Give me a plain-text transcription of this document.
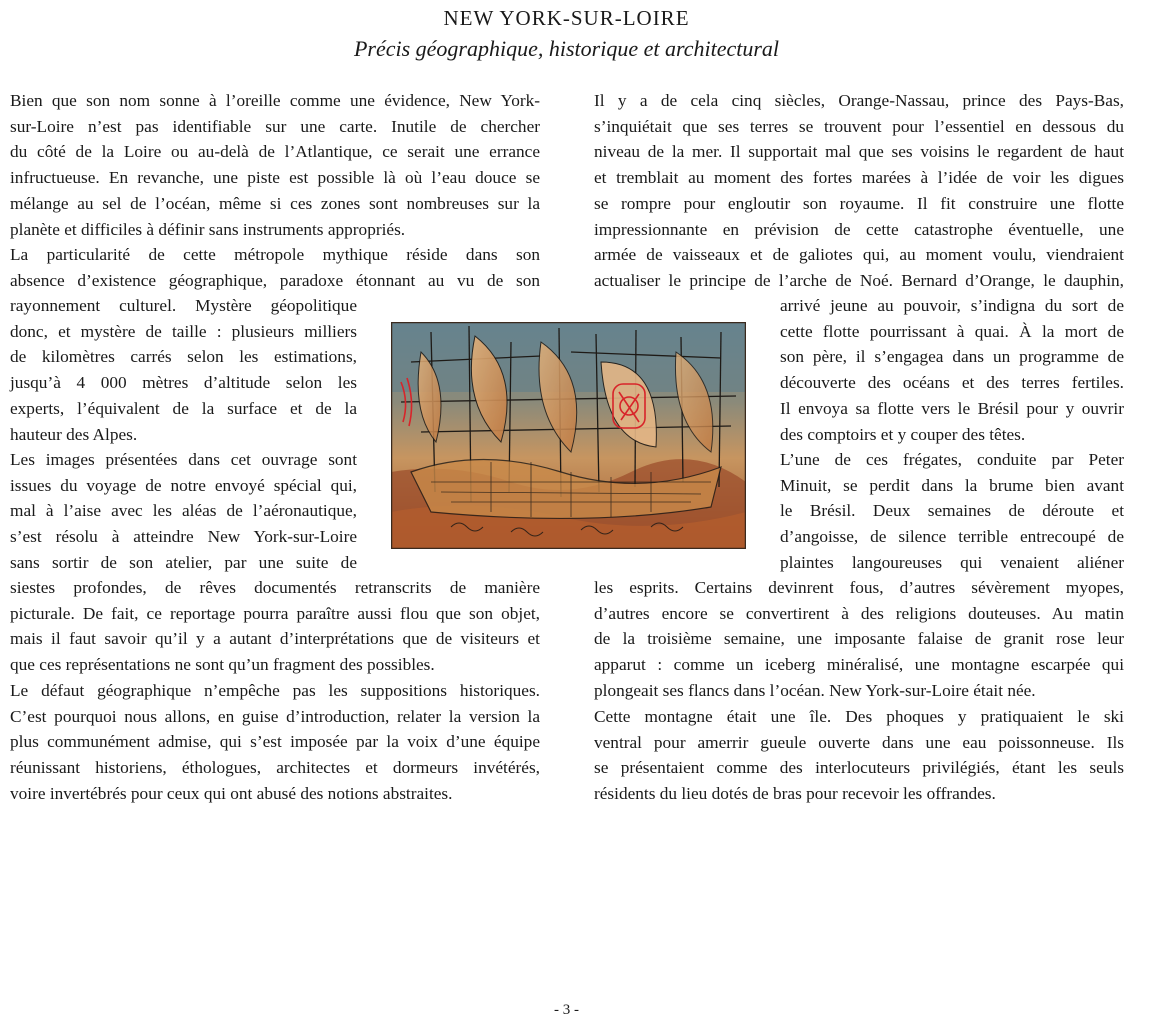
NEW YORK-SUR-LOIRE
Précis géographique, historique et architectural
Bien que son nom sonne à l’oreille comme une évidence, New York-
sur-Loire n’est pas identifiable sur une carte. Inutile de chercher
du côté de la Loire ou au-delà de l’Atlantique, ce serait une errance
infructueuse. En revanche, une piste est possible là où l’eau douce se
mélange au sel de l’océan, même si ces zones sont nombreuses sur la
planète et difficiles à définir sans instruments appropriés.
La particularité de cette métropole mythique réside dans son
absence d’existence géographique, paradoxe étonnant au vu de son
rayonnement culturel. Mystère géopolitique
donc, et mystère de taille : plusieurs milliers
de kilomètres carrés selon les estimations,
jusqu’à 4 000 mètres d’altitude selon les
experts, l’équivalent de la surface et de la
hauteur des Alpes.
Les images présentées dans cet ouvrage sont
issues du voyage de notre envoyé spécial qui,
mal à l’aise avec les aléas de l’aéronautique,
s’est résolu à atteindre New York-sur-Loire
sans sortir de son atelier, par une suite de
siestes profondes, de rêves documentés retranscrits de manière
picturale. De fait, ce reportage pourra paraître aussi flou que son objet,
mais il faut savoir qu’il y a autant d’interprétations que de visiteurs et
que ces représentations ne sont qu’un fragment des possibles.
Le défaut géographique n’empêche pas les suppositions historiques.
C’est pourquoi nous allons, en guise d’introduction, relater la version la
plus communément admise, qui s’est imposée par la voix d’une équipe
réunissant historiens, éthologues, architectes et dormeurs invétérés,
voire invertébrés pour ceux qui ont abusé des notions abstraites.
Il y a de cela cinq siècles, Orange-Nassau, prince des Pays-Bas,
s’inquiétait que ses terres se trouvent pour l’essentiel en dessous du
niveau de la mer. Il supportait mal que ses voisins le regardent de haut
et tremblait au moment des fortes marées à l’idée de voir les digues
se rompre pour engloutir son royaume. Il fit construire une flotte
impressionnante en prévision de cette catastrophe éventuelle, une
armée de vaisseaux et de galiotes qui, au moment voulu, viendraient
actualiser le principe de l’arche de Noé. Bernard d’Orange, le dauphin,
arrivé jeune au pouvoir, s’indigna du sort de
cette flotte pourrissant à quai. À la mort de
son père, il s’engagea dans un programme de
découverte des océans et des terres fertiles.
Il envoya sa flotte vers le Brésil pour y ouvrir
des comptoirs et y couper des têtes.
L’une de ces frégates, conduite par Peter
Minuit, se perdit dans la brume bien avant
le Brésil. Deux semaines de déroute et
d’angoisse, de silence terrible entrecoupé de
plaintes langoureuses qui venaient aliéner
les esprits. Certains devinrent fous, d’autres sévèrement myopes,
d’autres encore se convertirent à des religions douteuses. Au matin
de la troisième semaine, une imposante falaise de granit rose leur
apparut : comme un iceberg minéralisé, une montagne escarpée qui
plongeait ses flancs dans l’océan. New York-sur-Loire était née.
Cette montagne était une île. Des phoques y pratiquaient le ski
ventral pour amerrir gueule ouverte dans une eau poissonneuse. Ils
se présentaient comme des interlocuteurs privilégiés, étant les seuls
résidents du lieu dotés de bras pour recevoir les offrandes.
- 3 -
